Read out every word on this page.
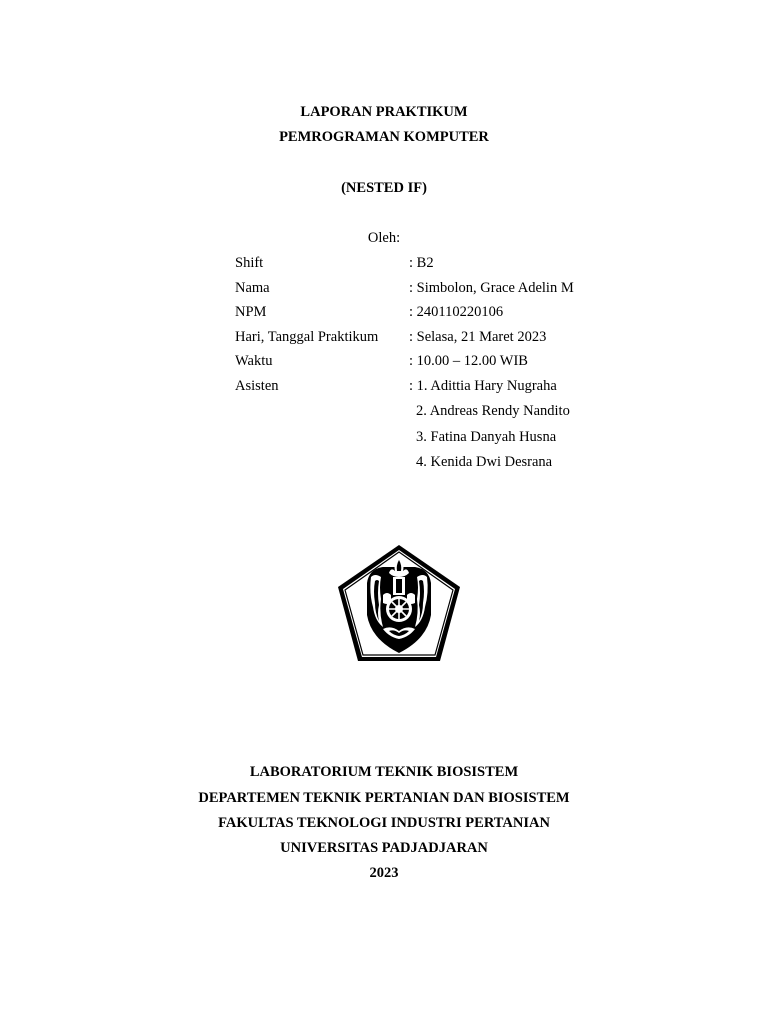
LAPORAN PRAKTIKUM
PEMROGRAMAN KOMPUTER
(NESTED IF)
Oleh:
Shift	: B2
Nama	: Simbolon, Grace Adelin M
NPM	: 240110220106
Hari, Tanggal Praktikum : Selasa, 21 Maret 2023
Waktu	: 10.00 – 12.00 WIB
Asisten	: 1. Adittia Hary Nugraha
2. Andreas Rendy Nandito
3. Fatina Danyah Husna
4. Kenida Dwi Desrana
LABORATORIUM TEKNIK BIOSISTEM
DEPARTEMEN TEKNIK PERTANIAN DAN BIOSISTEM
FAKULTAS TEKNOLOGI INDUSTRI PERTANIAN
UNIVERSITAS PADJADJARAN
2023
